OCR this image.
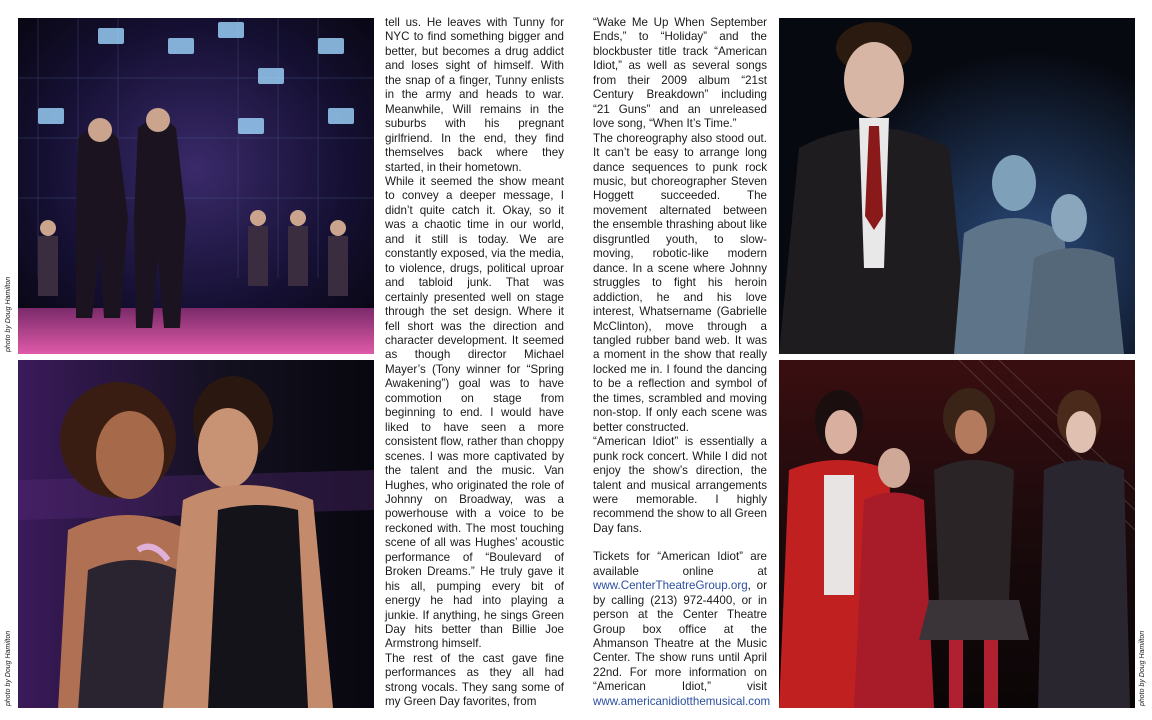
photo by Doug Hamilton
photo by Doug Hamilton

tell us. He leaves with Tunny for NYC to find something bigger and better, but becomes a drug addict and loses sight of himself. With the snap of a finger, Tunny enlists in the army and heads to war. Meanwhile, Will remains in the suburbs with his pregnant girlfriend. In the end, they find themselves back where they started, in their hometown.

While it seemed the show meant to convey a deeper message, I didn’t quite catch it. Okay, so it was a chaotic time in our world, and it still is today. We are constantly exposed, via the media, to violence, drugs, political uproar and tabloid junk. That was certainly presented well on stage through the set design. Where it fell short was the direction and character development. It seemed as though director Michael Mayer’s (Tony winner for “Spring Awakening”) goal was to have commotion on stage from beginning to end. I would have liked to have seen a more consistent flow, rather than choppy scenes. I was more captivated by the talent and the music. Van Hughes, who originated the role of Johnny on Broadway, was a powerhouse with a voice to be reckoned with. The most touching scene of all was Hughes’ acoustic performance of “Boulevard of Broken Dreams.” He truly gave it his all, pumping every bit of energy he had into playing a junkie. If anything, he sings Green Day hits better than Billie Joe Armstrong himself.

The rest of the cast gave fine performances as they all had strong vocals. They sang some of my Green Day favorites, from

“Wake Me Up When September Ends,” to “Holiday” and the blockbuster title track “American Idiot,” as well as several songs from their 2009 album “21st Century Breakdown” including “21 Guns” and an unreleased love song, “When It’s Time.”

The choreography also stood out. It can’t be easy to arrange long dance sequences to punk rock music, but choreographer Steven Hoggett succeeded. The movement alternated between the ensemble thrashing about like disgruntled youth, to slow-moving, robotic-like modern dance. In a scene where Johnny struggles to fight his heroin addiction, he and his love interest, Whatsername (Gabrielle McClinton), move through a tangled rubber band web. It was a moment in the show that really locked me in. I found the dancing to be a reflection and symbol of the times, scrambled and moving non-stop. If only each scene was better constructed.

“American Idiot” is essentially a punk rock concert. While I did not enjoy the show’s direction, the talent and musical arrangements were memorable. I highly recommend the show to all Green Day fans.

Tickets for “American Idiot” are available online at www.CenterTheatreGroup.org, or by calling (213) 972-4400, or in person at the Center Theatre Group box office at the Ahmanson Theatre at the Music Center. The show runs until April 22nd. For more information on “American Idiot,” visit www.americanidiotthemusical.com	photo by Doug Hamilton
